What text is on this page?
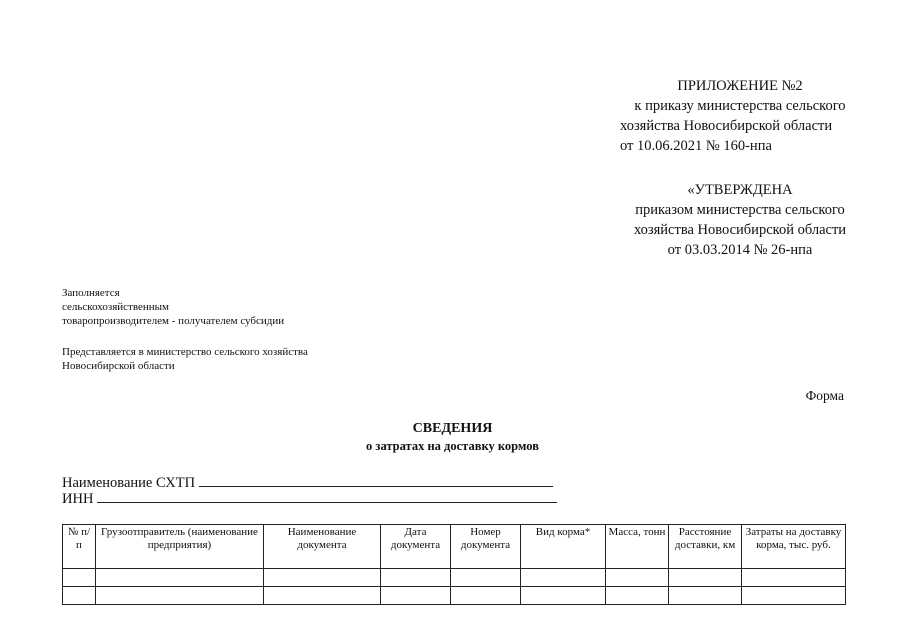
ПРИЛОЖЕНИЕ №2
к приказу министерства сельского
хозяйства Новосибирской области
от 10.06.2021 № 160-нпа
«УТВЕРЖДЕНА
приказом министерства сельского
хозяйства Новосибирской области
от 03.03.2014 № 26-нпа
Заполняется
сельскохозяйственным
товаропроизводителем - получателем субсидии
Представляется в министерство сельского хозяйства
Новосибирской области
Форма
СВЕДЕНИЯ
о затратах на доставку кормов
Наименование СХТП
ИНН
№ п/п	Грузоотправитель (наименование предприятия)	Наименование документа	Дата документа	Номер документа	Вид корма*	Масса, тонн	Расстояние доставки, км	Затраты на доставку корма, тыс. руб.
